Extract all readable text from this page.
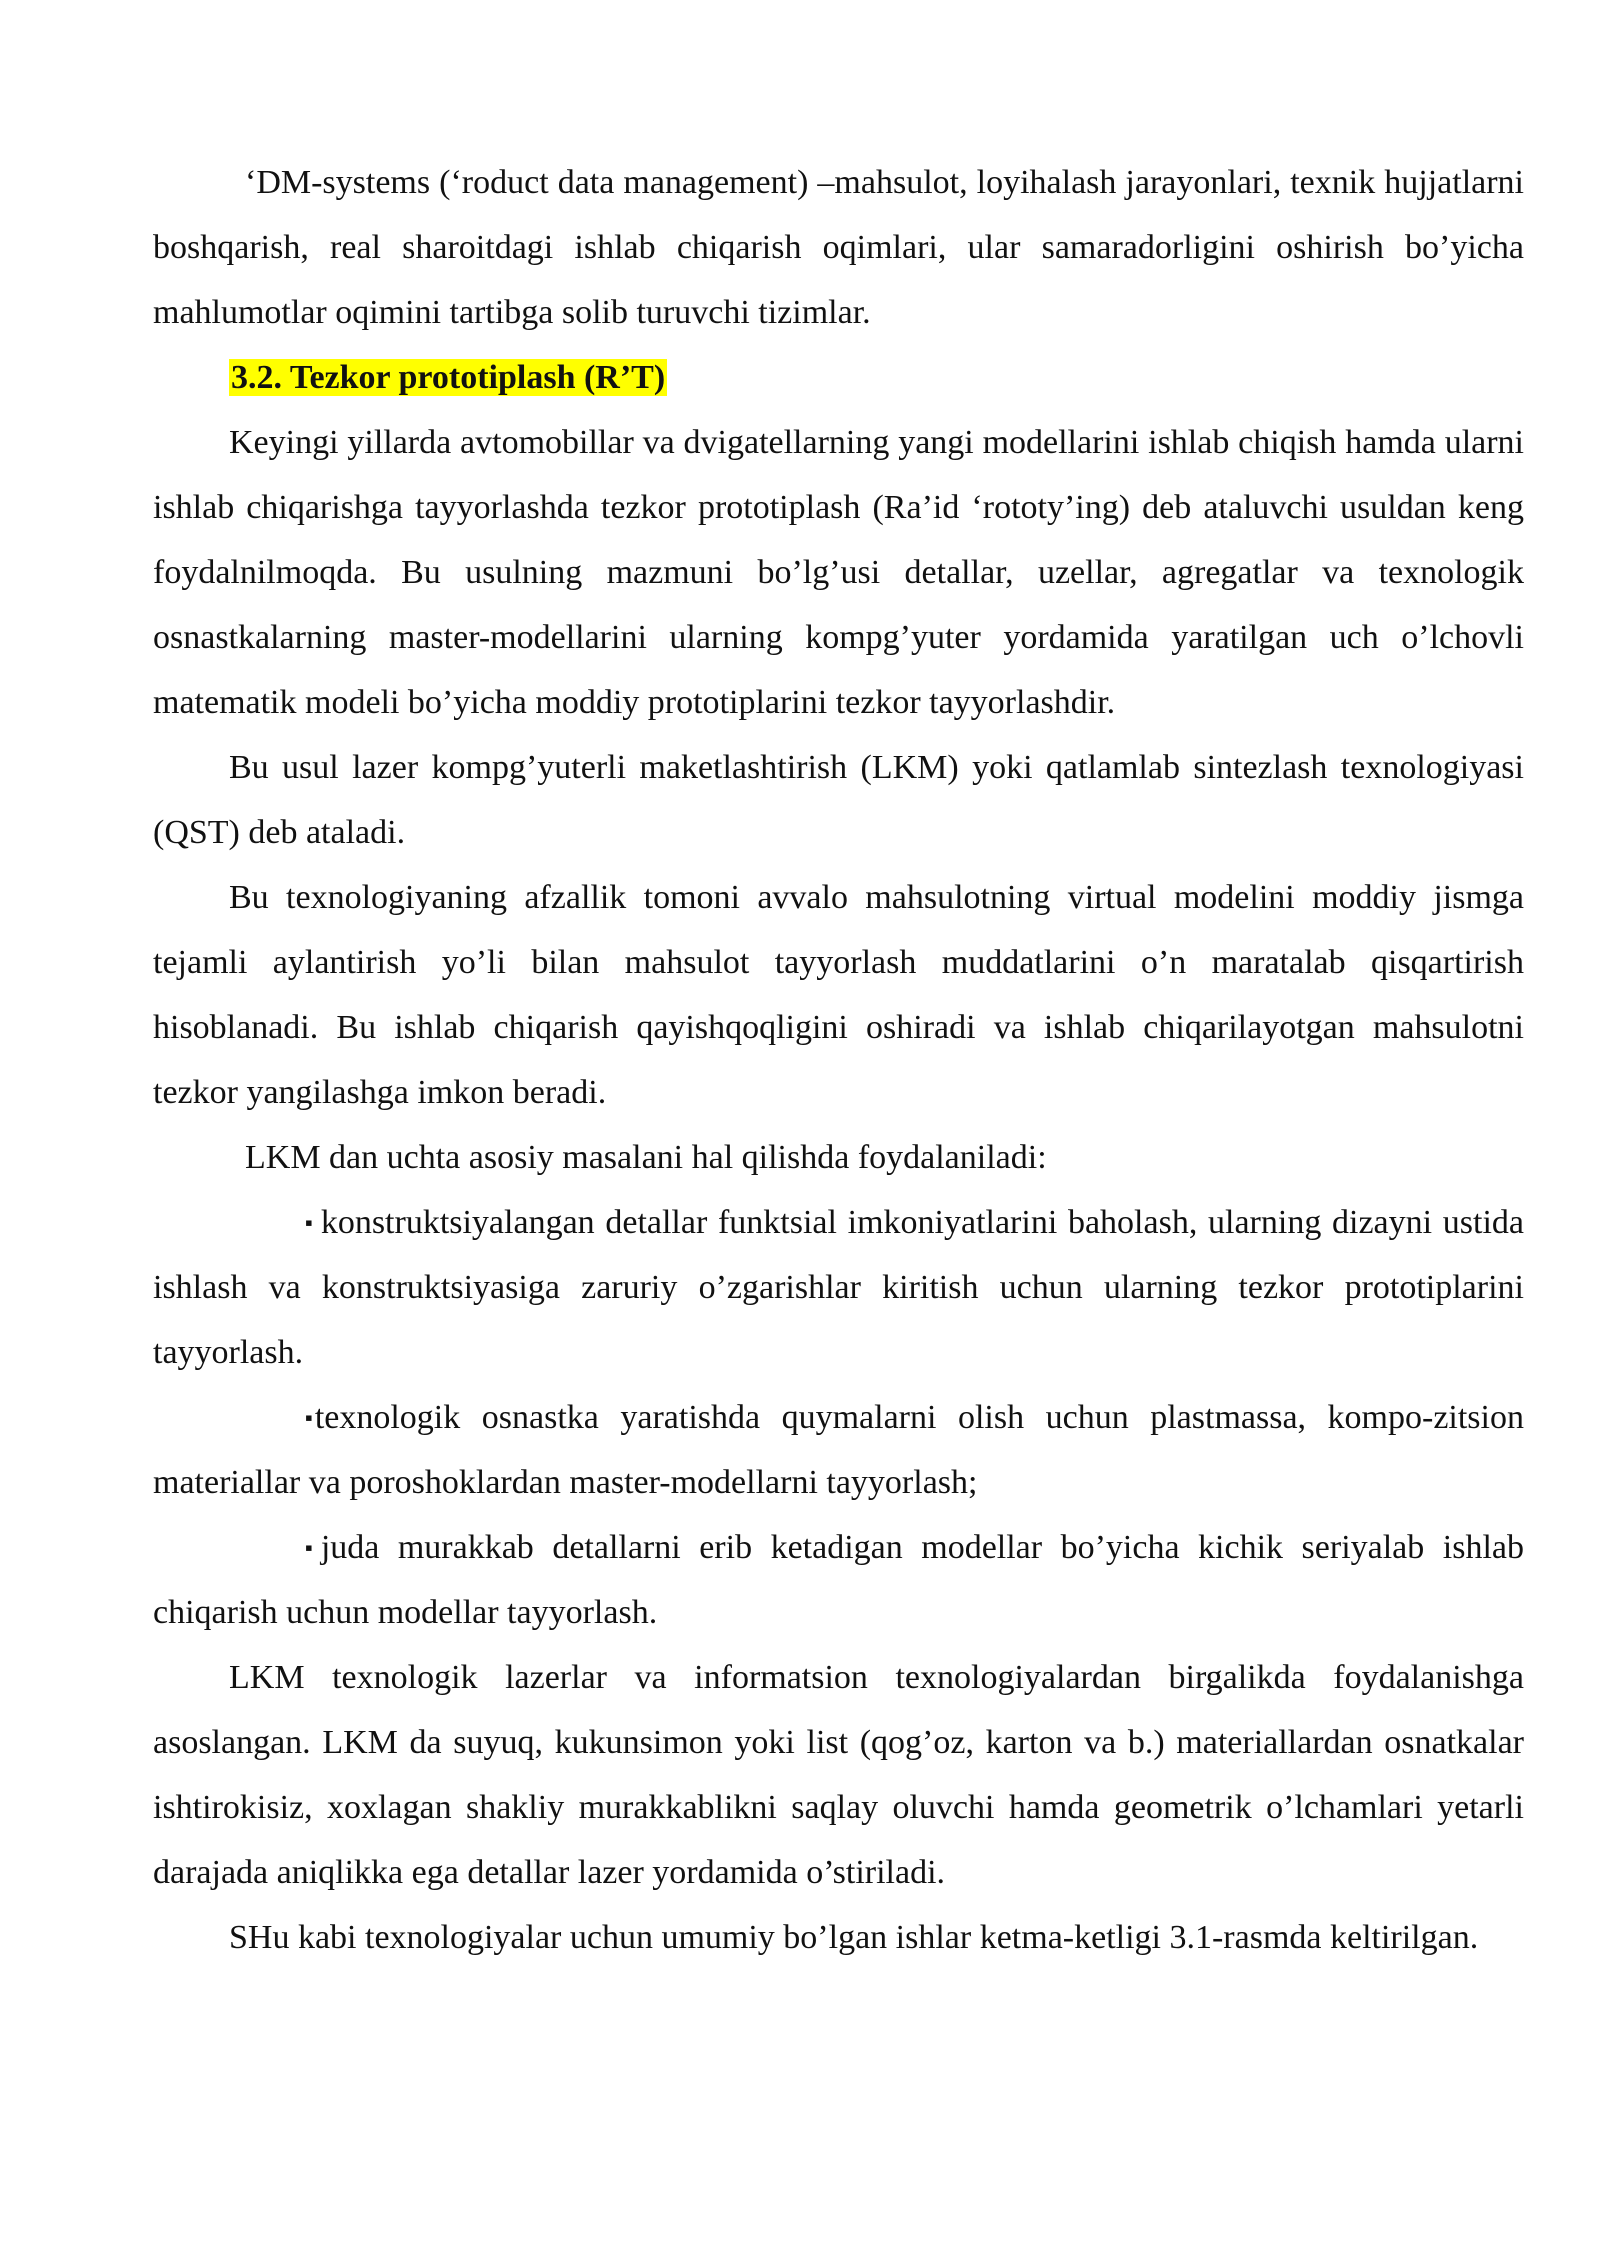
‘DM-systems (‘roduct data management) –mahsulot, loyihalash jarayonlari, texnik hujjatlarni boshqarish, real sharoitdagi ishlab chiqarish oqimlari, ular samaradorligini oshirish bo’yicha mahlumotlar oqimini tartibga solib turuvchi tizimlar.

3.2. Tezkor prototiplash (R’T)

Keyingi yillarda avtomobillar va dvigatellarning yangi modellarini ishlab chiqish hamda ularni ishlab chiqarishga tayyorlashda tezkor prototiplash (Ra’id ‘rototy’ing) deb ataluvchi usuldan keng foydalnilmoqda. Bu usulning mazmuni bo’lg’usi detallar, uzellar, agregatlar va texnologik osnastkalarning master-modellarini ularning kompg’yuter yordamida yaratilgan uch o’lchovli matematik modeli bo’yicha moddiy prototiplarini tezkor tayyorlashdir.

Bu usul lazer kompg’yuterli maketlashtirish (LKM) yoki qatlamlab sintezlash texnologiyasi (QST) deb ataladi.

Bu texnologiyaning afzallik tomoni avvalo mahsulotning virtual modelini moddiy jismga tejamli aylantirish yo’li bilan mahsulot tayyorlash muddatlarini o’n maratalab qisqartirish hisoblanadi. Bu ishlab chiqarish qayishqoqligini oshiradi va ishlab chiqarilayotgan mahsulotni tezkor yangilashga imkon beradi.

LKM dan uchta asosiy masalani hal qilishda foydalaniladi:

▪ konstruktsiyalangan detallar funktsial imkoniyatlarini baholash, ularning dizayni ustida ishlash va konstruktsiyasiga zaruriy o’zgarishlar kiritish uchun ularning tezkor prototiplarini tayyorlash.

▪texnologik osnastka yaratishda quymalarni olish uchun plastmassa, kompo-zitsion materiallar va poroshoklardan master-modellarni tayyorlash;

▪ juda murakkab detallarni erib ketadigan modellar bo’yicha kichik seriyalab ishlab chiqarish uchun modellar tayyorlash.

LKM texnologik lazerlar va informatsion texnologiyalardan birgalikda foydalanishga asoslangan. LKM da suyuq, kukunsimon yoki list (qog’oz, karton va b.) materiallardan osnatkalar ishtirokisiz, xoxlagan shakliy murakkablikni saqlay oluvchi hamda geometrik o’lchamlari yetarli darajada aniqlikka ega detallar lazer yordamida o’stiriladi.

SHu kabi texnologiyalar uchun umumiy bo’lgan ishlar ketma-ketligi 3.1-rasmda keltirilgan.
